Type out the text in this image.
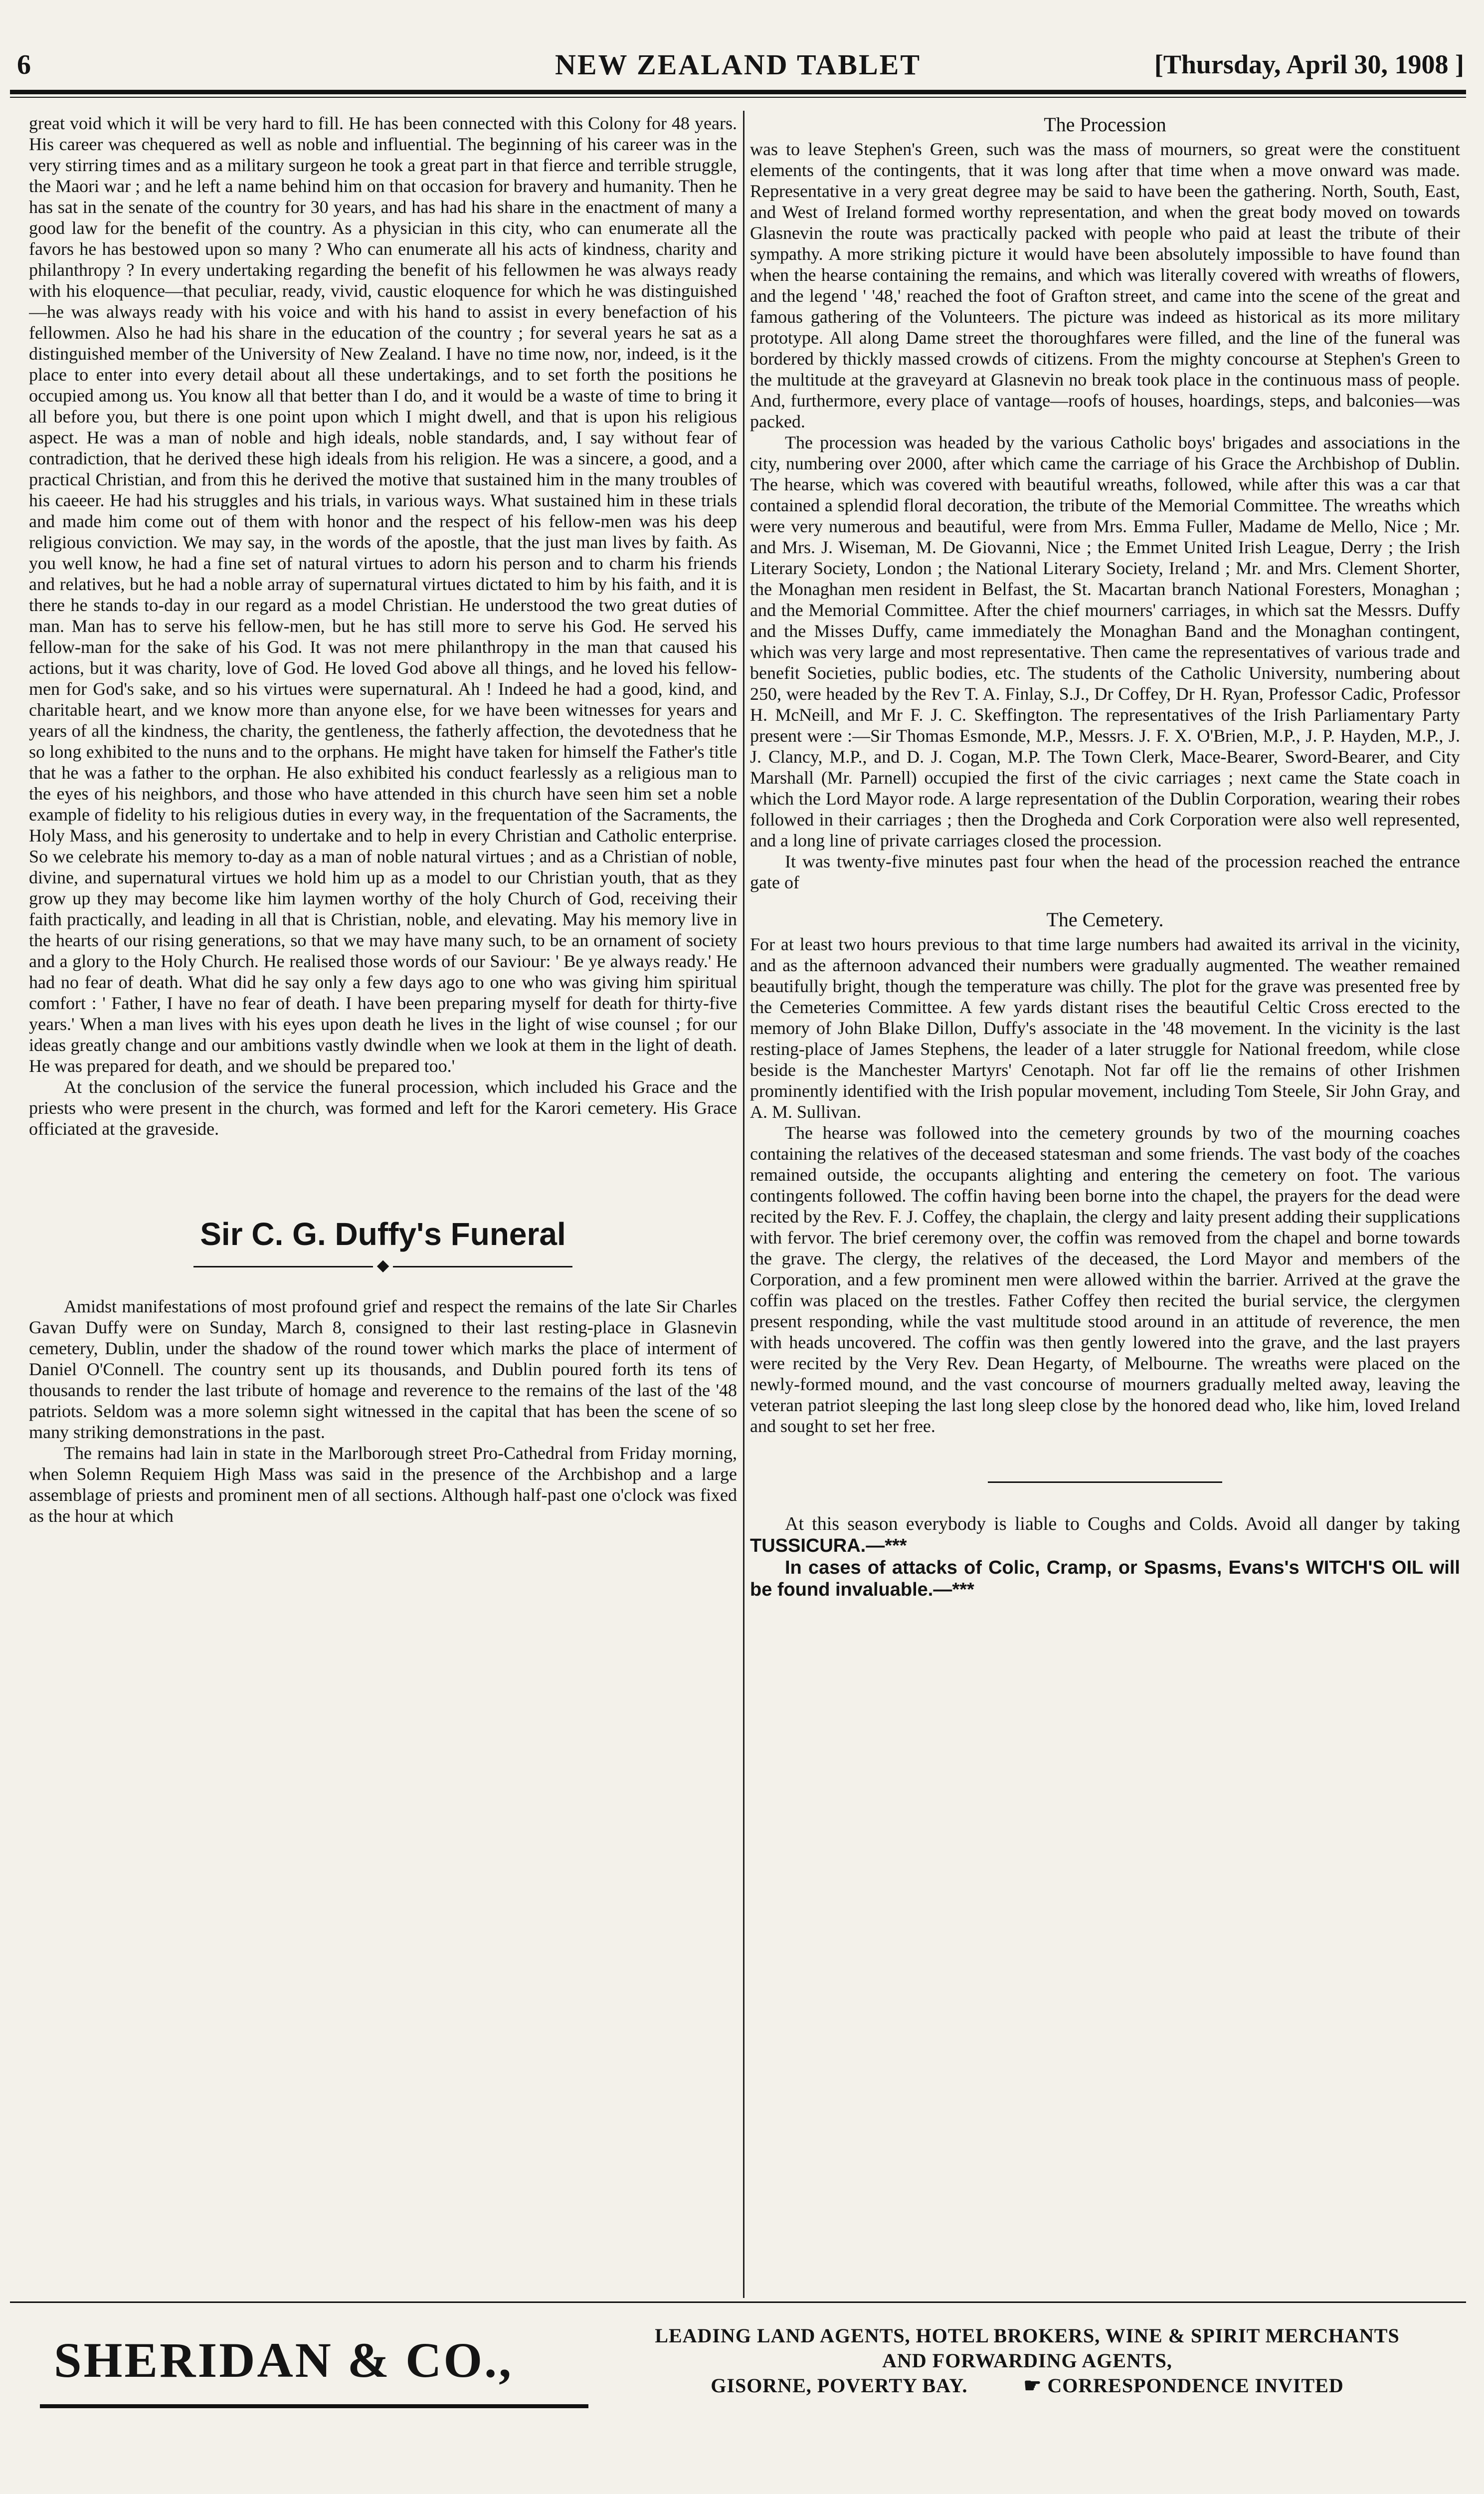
6	NEW ZEALAND TABLET	[Thursday, April 30, 1908 ]

great void which it will be very hard to fill. He has been connected with this Colony for 48 years. His career was chequered as well as noble and influential. The beginning of his career was in the very stirring times and as a military surgeon he took a great part in that fierce and terrible struggle, the Maori war ; and he left a name behind him on that occasion for bravery and humanity. Then he has sat in the senate of the country for 30 years, and has had his share in the enactment of many a good law for the benefit of the country. As a physician in this city, who can enumerate all the favors he has bestowed upon so many ? Who can enumerate all his acts of kindness, charity and philanthropy ? In every undertaking regarding the benefit of his fellowmen he was always ready with his eloquence—that peculiar, ready, vivid, caustic eloquence for which he was distinguished—he was always ready with his voice and with his hand to assist in every benefaction of his fellowmen. Also he had his share in the education of the country ; for several years he sat as a distinguished member of the University of New Zealand. I have no time now, nor, indeed, is it the place to enter into every detail about all these undertakings, and to set forth the positions he occupied among us. You know all that better than I do, and it would be a waste of time to bring it all before you, but there is one point upon which I might dwell, and that is upon his religious aspect. He was a man of noble and high ideals, noble standards, and, I say without fear of contradiction, that he derived these high ideals from his religion. He was a sincere, a good, and a practical Christian, and from this he derived the motive that sustained him in the many troubles of his caeeer. He had his struggles and his trials, in various ways. What sustained him in these trials and made him come out of them with honor and the respect of his fellow-men was his deep religious conviction. We may say, in the words of the apostle, that the just man lives by faith. As you well know, he had a fine set of natural virtues to adorn his person and to charm his friends and relatives, but he had a noble array of supernatural virtues dictated to him by his faith, and it is there he stands to-day in our regard as a model Christian. He understood the two great duties of man. Man has to serve his fellow-men, but he has still more to serve his God. He served his fellow-man for the sake of his God. It was not mere philanthropy in the man that caused his actions, but it was charity, love of God. He loved God above all things, and he loved his fellow-men for God's sake, and so his virtues were supernatural. Ah ! Indeed he had a good, kind, and charitable heart, and we know more than anyone else, for we have been witnesses for years and years of all the kindness, the charity, the gentleness, the fatherly affection, the devotedness that he so long exhibited to the nuns and to the orphans. He might have taken for himself the Father's title that he was a father to the orphan. He also exhibited his conduct fearlessly as a religious man to the eyes of his neighbors, and those who have attended in this church have seen him set a noble example of fidelity to his religious duties in every way, in the frequentation of the Sacraments, the Holy Mass, and his generosity to undertake and to help in every Christian and Catholic enterprise. So we celebrate his memory to-day as a man of noble natural virtues ; and as a Christian of noble, divine, and supernatural virtues we hold him up as a model to our Christian youth, that as they grow up they may become like him laymen worthy of the holy Church of God, receiving their faith practically, and leading in all that is Christian, noble, and elevating. May his memory live in the hearts of our rising generations, so that we may have many such, to be an ornament of society and a glory to the Holy Church. He realised those words of our Saviour: ' Be ye always ready.' He had no fear of death. What did he say only a few days ago to one who was giving him spiritual comfort : ' Father, I have no fear of death. I have been preparing myself for death for thirty-five years.' When a man lives with his eyes upon death he lives in the light of wise counsel ; for our ideas greatly change and our ambitions vastly dwindle when we look at them in the light of death. He was prepared for death, and we should be prepared too.'

At the conclusion of the service the funeral procession, which included his Grace and the priests who were present in the church, was formed and left for the Karori cemetery. His Grace officiated at the graveside.

Sir C. G. Duffy's Funeral
◆

Amidst manifestations of most profound grief and respect the remains of the late Sir Charles Gavan Duffy were on Sunday, March 8, consigned to their last resting-place in Glasnevin cemetery, Dublin, under the shadow of the round tower which marks the place of interment of Daniel O'Connell. The country sent up its thousands, and Dublin poured forth its tens of thousands to render the last tribute of homage and reverence to the remains of the last of the '48 patriots. Seldom was a more solemn sight witnessed in the capital that has been the scene of so many striking demonstrations in the past.

The remains had lain in state in the Marlborough street Pro-Cathedral from Friday morning, when Solemn Requiem High Mass was said in the presence of the Archbishop and a large assemblage of priests and prominent men of all sections. Although half-past one o'clock was fixed as the hour at which

The Procession

was to leave Stephen's Green, such was the mass of mourners, so great were the constituent elements of the contingents, that it was long after that time when a move onward was made. Representative in a very great degree may be said to have been the gathering. North, South, East, and West of Ireland formed worthy representation, and when the great body moved on towards Glasnevin the route was practically packed with people who paid at least the tribute of their sympathy. A more striking picture it would have been absolutely impossible to have found than when the hearse containing the remains, and which was literally covered with wreaths of flowers, and the legend ' '48,' reached the foot of Grafton street, and came into the scene of the great and famous gathering of the Volunteers. The picture was indeed as historical as its more military prototype. All along Dame street the thoroughfares were filled, and the line of the funeral was bordered by thickly massed crowds of citizens. From the mighty concourse at Stephen's Green to the multitude at the graveyard at Glasnevin no break took place in the continuous mass of people. And, furthermore, every place of vantage—roofs of houses, hoardings, steps, and balconies—was packed.

The procession was headed by the various Catholic boys' brigades and associations in the city, numbering over 2000, after which came the carriage of his Grace the Archbishop of Dublin. The hearse, which was covered with beautiful wreaths, followed, while after this was a car that contained a splendid floral decoration, the tribute of the Memorial Committee. The wreaths which were very numerous and beautiful, were from Mrs. Emma Fuller, Madame de Mello, Nice ; Mr. and Mrs. J. Wiseman, M. De Giovanni, Nice ; the Emmet United Irish League, Derry ; the Irish Literary Society, London ; the National Literary Society, Ireland ; Mr. and Mrs. Clement Shorter, the Monaghan men resident in Belfast, the St. Macartan branch National Foresters, Monaghan ; and the Memorial Committee. After the chief mourners' carriages, in which sat the Messrs. Duffy and the Misses Duffy, came immediately the Monaghan Band and the Monaghan contingent, which was very large and most representative. Then came the representatives of various trade and benefit Societies, public bodies, etc. The students of the Catholic University, numbering about 250, were headed by the Rev T. A. Finlay, S.J., Dr Coffey, Dr H. Ryan, Professor Cadic, Professor H. McNeill, and Mr F. J. C. Skeffington. The representatives of the Irish Parliamentary Party present were :—Sir Thomas Esmonde, M.P., Messrs. J. F. X. O'Brien, M.P., J. P. Hayden, M.P., J. J. Clancy, M.P., and D. J. Cogan, M.P. The Town Clerk, Mace-Bearer, Sword-Bearer, and City Marshall (Mr. Parnell) occupied the first of the civic carriages ; next came the State coach in which the Lord Mayor rode. A large representation of the Dublin Corporation, wearing their robes followed in their carriages ; then the Drogheda and Cork Corporation were also well represented, and a long line of private carriages closed the procession.

It was twenty-five minutes past four when the head of the procession reached the entrance gate of

The Cemetery.

For at least two hours previous to that time large numbers had awaited its arrival in the vicinity, and as the afternoon advanced their numbers were gradually augmented. The weather remained beautifully bright, though the temperature was chilly. The plot for the grave was presented free by the Cemeteries Committee. A few yards distant rises the beautiful Celtic Cross erected to the memory of John Blake Dillon, Duffy's associate in the '48 movement. In the vicinity is the last resting-place of James Stephens, the leader of a later struggle for National freedom, while close beside is the Manchester Martyrs' Cenotaph. Not far off lie the remains of other Irishmen prominently identified with the Irish popular movement, including Tom Steele, Sir John Gray, and A. M. Sullivan.

The hearse was followed into the cemetery grounds by two of the mourning coaches containing the relatives of the deceased statesman and some friends. The vast body of the coaches remained outside, the occupants alighting and entering the cemetery on foot. The various contingents followed. The coffin having been borne into the chapel, the prayers for the dead were recited by the Rev. F. J. Coffey, the chaplain, the clergy and laity present adding their supplications with fervor. The brief ceremony over, the coffin was removed from the chapel and borne towards the grave. The clergy, the relatives of the deceased, the Lord Mayor and members of the Corporation, and a few prominent men were allowed within the barrier. Arrived at the grave the coffin was placed on the trestles. Father Coffey then recited the burial service, the clergymen present responding, while the vast multitude stood around in an attitude of reverence, the men with heads uncovered. The coffin was then gently lowered into the grave, and the last prayers were recited by the Very Rev. Dean Hegarty, of Melbourne. The wreaths were placed on the newly-formed mound, and the vast concourse of mourners gradually melted away, leaving the veteran patriot sleeping the last long sleep close by the honored dead who, like him, loved Ireland and sought to set her free.

At this season everybody is liable to Coughs and Colds. Avoid all danger by taking TUSSICURA.—***

In cases of attacks of Colic, Cramp, or Spasms, Evans's WITCH'S OIL will be found invaluable.—***

SHERIDAN & CO.,	LEADING LAND AGENTS, HOTEL BROKERS, WINE & SPIRIT MERCHANTS
AND FORWARDING AGENTS,
GISORNE, POVERTY BAY.	☛ CORRESPONDENCE INVITED
